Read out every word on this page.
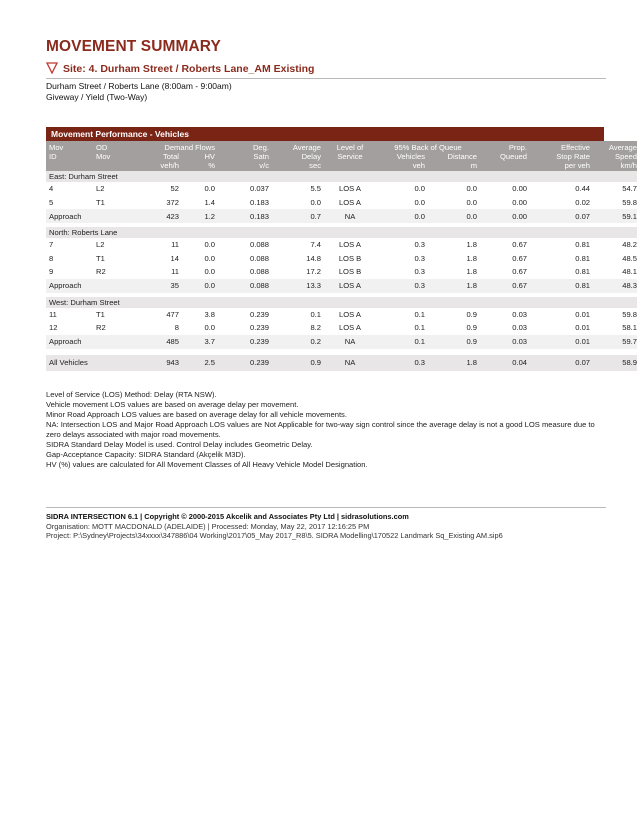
MOVEMENT SUMMARY
Site: 4. Durham Street / Roberts Lane_AM Existing
Durham Street / Roberts Lane (8:00am - 9:00am)
Giveway / Yield (Two-Way)
Movement Performance - Vehicles
Mov	OD	Demand Flows		Deg.	Average	Level of	95% Back of Queue		Prop.	Effective	Average
ID	Mov	Total	HV	Satn	Delay	Service	Vehicles	Distance	Queued	Stop Rate	Speed
		veh/h	%	v/c	sec		veh	m		per veh	km/h
East: Durham Street											
4	L2	52	0.0	0.037	5.5	LOS A	0.0	0.0	0.00	0.44	54.7
5	T1	372	1.4	0.183	0.0	LOS A	0.0	0.0	0.00	0.02	59.8
Approach		423	1.2	0.183	0.7	NA	0.0	0.0	0.00	0.07	59.1

North: Roberts Lane											
7	L2	11	0.0	0.088	7.4	LOS A	0.3	1.8	0.67	0.81	48.2
8	T1	14	0.0	0.088	14.8	LOS B	0.3	1.8	0.67	0.81	48.5
9	R2	11	0.0	0.088	17.2	LOS B	0.3	1.8	0.67	0.81	48.1
Approach		35	0.0	0.088	13.3	LOS A	0.3	1.8	0.67	0.81	48.3

West: Durham Street											
11	T1	477	3.8	0.239	0.1	LOS A	0.1	0.9	0.03	0.01	59.8
12	R2	8	0.0	0.239	8.2	LOS A	0.1	0.9	0.03	0.01	58.1
Approach		485	3.7	0.239	0.2	NA	0.1	0.9	0.03	0.01	59.7

All Vehicles		943	2.5	0.239	0.9	NA	0.3	1.8	0.04	0.07	58.9

Level of Service (LOS) Method: Delay (RTA NSW).

Vehicle movement LOS values are based on average delay per movement.

Minor Road Approach LOS values are based on average delay for all vehicle movements.

NA: Intersection LOS and Major Road Approach LOS values are Not Applicable for two-way sign control since the average delay is not a good LOS measure due to zero delays associated with major road movements.

SIDRA Standard Delay Model is used. Control Delay includes Geometric Delay.

Gap-Acceptance Capacity: SIDRA Standard (Akçelik M3D).

HV (%) values are calculated for All Movement Classes of All Heavy Vehicle Model Designation.

SIDRA INTERSECTION 6.1 | Copyright © 2000-2015 Akcelik and Associates Pty Ltd | sidrasolutions.com
Organisation: MOTT MACDONALD (ADELAIDE) | Processed: Monday, May 22, 2017 12:16:25 PM
Project: P:\Sydney\Projects\34xxxx\347886\04 Working\2017\05_May 2017_R8\5. SIDRA Modelling\170522 Landmark Sq_Existing AM.sip6
